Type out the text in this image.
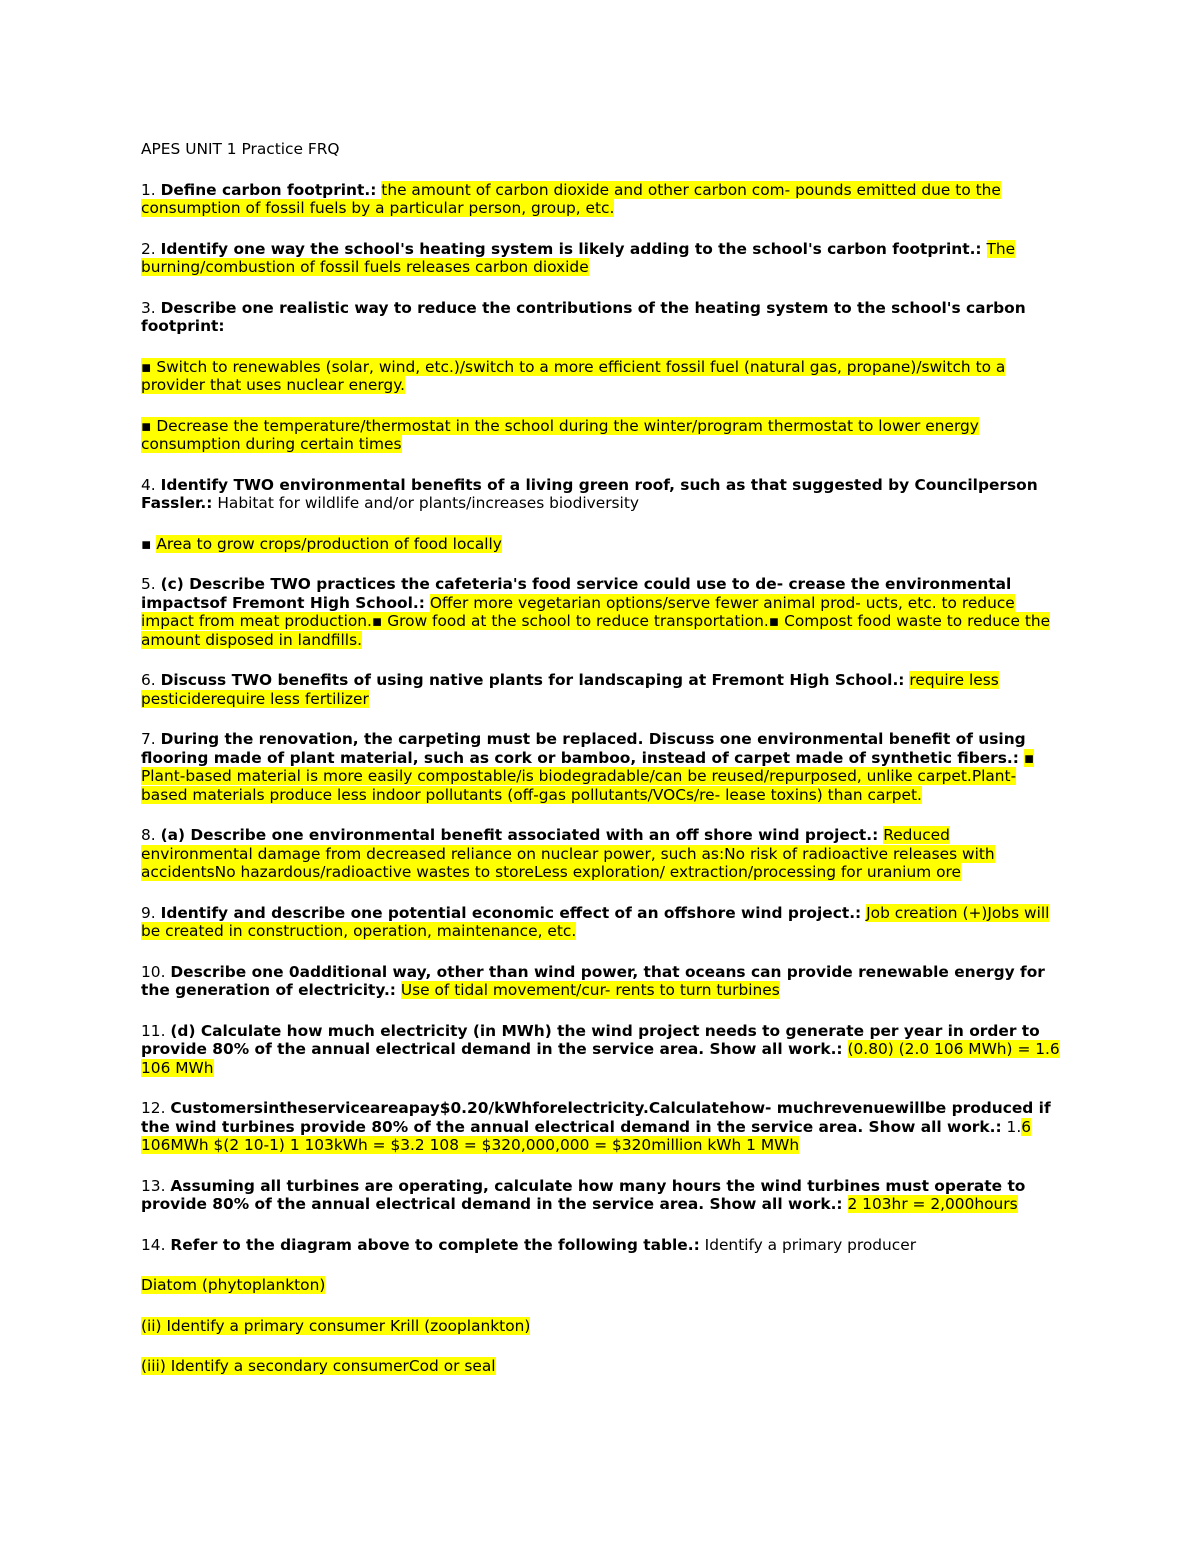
APES UNIT 1 Practice FRQ
1. Define carbon footprint.: the amount of carbon dioxide and other carbon com- pounds emitted due to the consumption of fossil fuels by a particular person, group, etc.
2. Identify one way the school's heating system is likely adding to the school's carbon footprint.: The burning/combustion of fossil fuels releases carbon dioxide
3. Describe one realistic way to reduce the contributions of the heating system to the school's carbon footprint:
▪ Switch to renewables (solar, wind, etc.)/switch to a more efficient fossil fuel (natural gas, propane)/switch to a provider that uses nuclear energy.
▪ Decrease the temperature/thermostat in the school during the winter/program thermostat to lower energy consumption during certain times
4. Identify TWO environmental benefits of a living green roof, such as that suggested by Councilperson Fassler.: Habitat for wildlife and/or plants/increases biodiversity
▪ Area to grow crops/production of food locally
5. (c) Describe TWO practices the cafeteria's food service could use to de- crease the environmental impactsof Fremont High School.: Offer more vegetarian options/serve fewer animal prod- ucts, etc. to reduce impact from meat production.▪ Grow food at the school to reduce transportation.▪ Compost food waste to reduce the amount disposed in landfills.
6. Discuss TWO benefits of using native plants for landscaping at Fremont High School.: require less pesticiderequire less fertilizer
7. During the renovation, the carpeting must be replaced. Discuss one environmental benefit of using flooring made of plant material, such as cork or bamboo, instead of carpet made of synthetic fibers.: ▪ Plant-based material is more easily compostable/is biodegradable/can be reused/repurposed, unlike carpet.Plant-based materials produce less indoor pollutants (off-gas pollutants/VOCs/re- lease toxins) than carpet.
8. (a) Describe one environmental benefit associated with an off shore wind project.: Reduced environmental damage from decreased reliance on nuclear power, such as:No risk of radioactive releases with accidentsNo hazardous/radioactive wastes to storeLess exploration/ extraction/processing for uranium ore
9. Identify and describe one potential economic effect of an offshore wind project.: Job creation (+)Jobs will be created in construction, operation, maintenance, etc.
10. Describe one 0additional way, other than wind power, that oceans can provide renewable energy for the generation of electricity.: Use of tidal movement/cur- rents to turn turbines
11. (d) Calculate how much electricity (in MWh) the wind project needs to generate per year in order to provide 80% of the annual electrical demand in the service area. Show all work.: (0.80) (2.0 106 MWh) = 1.6 106 MWh
12. Customersintheserviceareapay$0.20/kWhforelectricity.Calculatehow- muchrevenuewillbe produced if the wind turbines provide 80% of the annual electrical demand in the service area. Show all work.: 1.6 106MWh $(2 10-1) 1 103kWh = $3.2 108 = $320,000,000 = $320million kWh 1 MWh
13. Assuming all turbines are operating, calculate how many hours the wind turbines must operate to provide 80% of the annual electrical demand in the service area. Show all work.: 2 103hr = 2,000hours
14. Refer to the diagram above to complete the following table.: Identify a primary producer
Diatom (phytoplankton)
(ii) Identify a primary consumer Krill (zooplankton)
(iii) Identify a secondary consumerCod or seal
